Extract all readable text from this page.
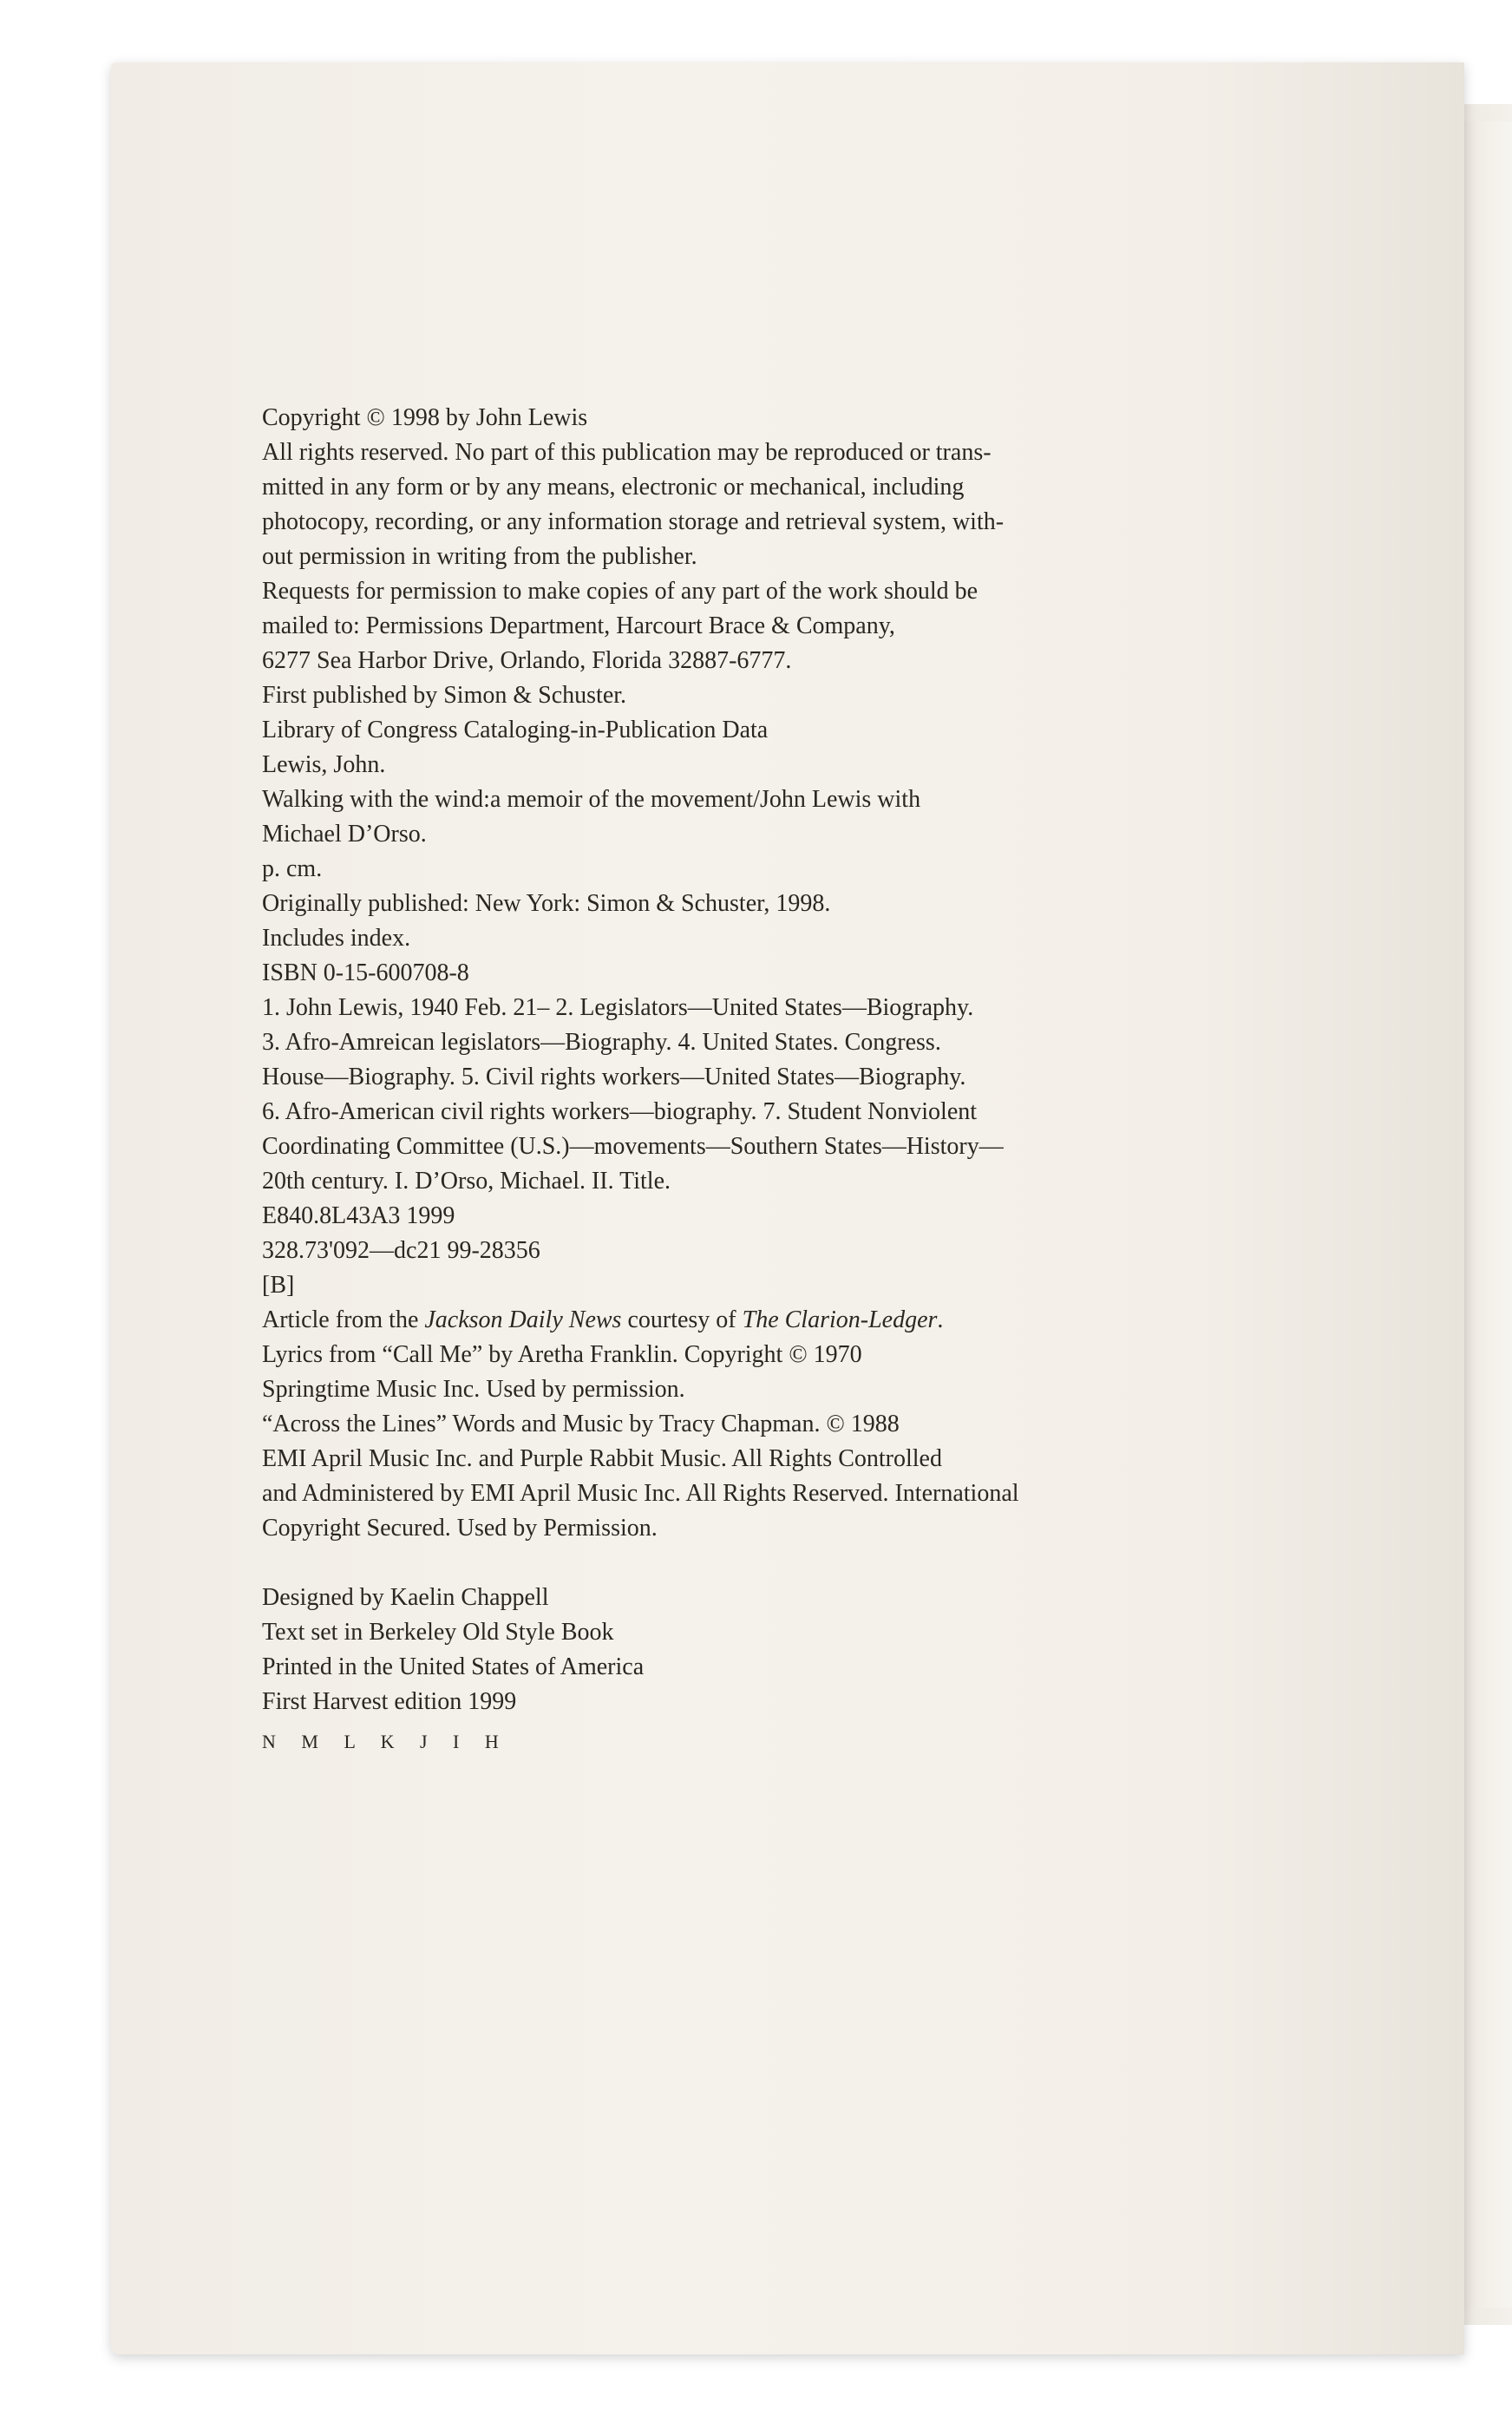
Copyright © 1998 by John Lewis

All rights reserved. No part of this publication may be reproduced or trans-
mitted in any form or by any means, electronic or mechanical, including
photocopy, recording, or any information storage and retrieval system, with-
out permission in writing from the publisher.

Requests for permission to make copies of any part of the work should be
mailed to: Permissions Department, Harcourt Brace & Company,
6277 Sea Harbor Drive, Orlando, Florida 32887-6777.

First published by Simon & Schuster.

Library of Congress Cataloging-in-Publication Data
Lewis, John.
Walking with the wind:a memoir of the movement/John Lewis with
Michael D’Orso.
p. cm.
Originally published: New York: Simon & Schuster, 1998.
Includes index.
ISBN 0-15-600708-8
1. John Lewis, 1940 Feb. 21– 2. Legislators—United States—Biography.
3. Afro-Amreican legislators—Biography. 4. United States. Congress.
House—Biography. 5. Civil rights workers—United States—Biography.
6. Afro-American civil rights workers—biography. 7. Student Nonviolent
Coordinating Committee (U.S.)—movements—Southern States—History—
20th century. I. D’Orso, Michael. II. Title.
E840.8L43A3 1999
328.73'092—dc21 99-28356
[B]

Article from the Jackson Daily News courtesy of The Clarion-Ledger.

Lyrics from “Call Me” by Aretha Franklin. Copyright © 1970
Springtime Music Inc. Used by permission.

“Across the Lines” Words and Music by Tracy Chapman. © 1988
EMI April Music Inc. and Purple Rabbit Music. All Rights Controlled
and Administered by EMI April Music Inc. All Rights Reserved. International
Copyright Secured. Used by Permission.

Designed by Kaelin Chappell
Text set in Berkeley Old Style Book
Printed in the United States of America
First Harvest edition 1999
N M L K J I H
